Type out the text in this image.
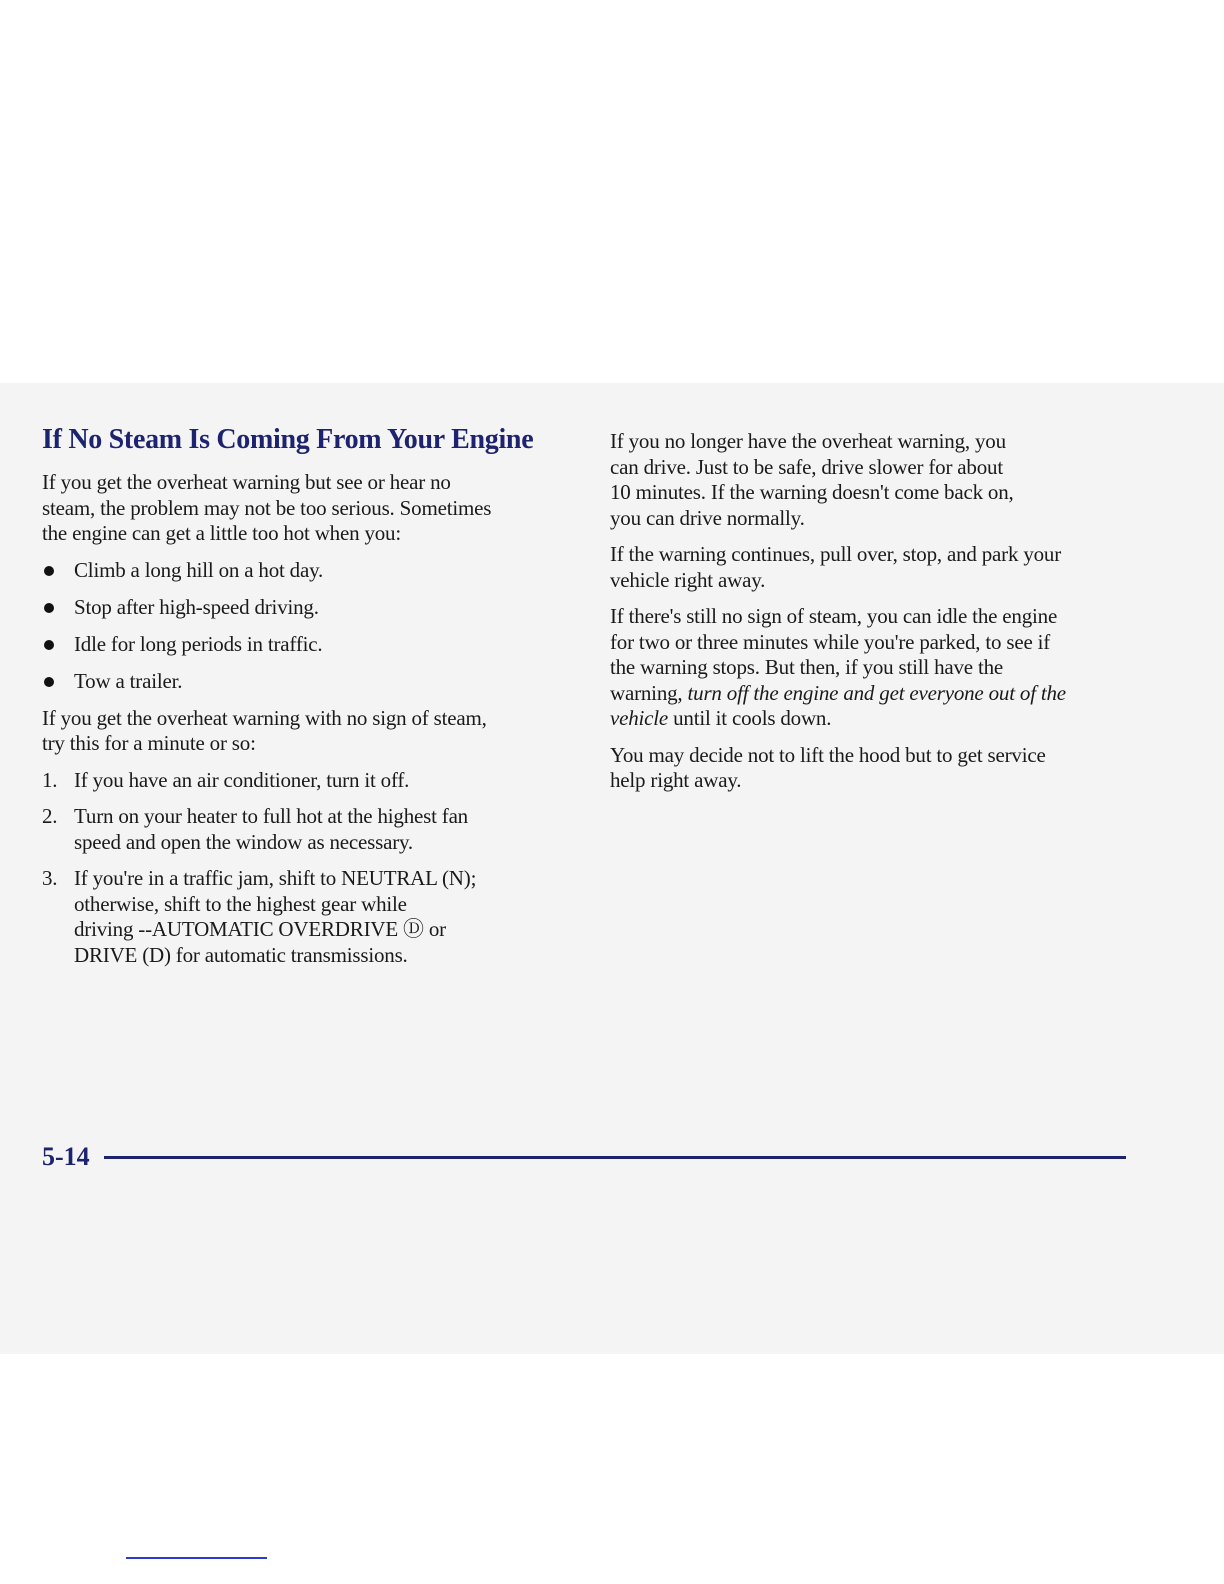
If No Steam Is Coming From Your Engine

If you get the overheat warning but see or hear no
steam, the problem may not be too serious. Sometimes
the engine can get a little too hot when you:

Climb a long hill on a hot day.
Stop after high-speed driving.
Idle for long periods in traffic.
Tow a trailer.

If you get the overheat warning with no sign of steam,
try this for a minute or so:

1. If you have an air conditioner, turn it off.
2. Turn on your heater to full hot at the highest fan
speed and open the window as necessary.
3. If you're in a traffic jam, shift to NEUTRAL (N);
otherwise, shift to the highest gear while
driving --AUTOMATIC OVERDRIVE Ⓓ or
DRIVE (D) for automatic transmissions.

If you no longer have the overheat warning, you
can drive. Just to be safe, drive slower for about
10 minutes. If the warning doesn't come back on,
you can drive normally.

If the warning continues, pull over, stop, and park your
vehicle right away.

If there's still no sign of steam, you can idle the engine
for two or three minutes while you're parked, to see if
the warning stops. But then, if you still have the
warning, turn off the engine and get everyone out of the
vehicle until it cools down.

You may decide not to lift the hood but to get service
help right away.

5-14
